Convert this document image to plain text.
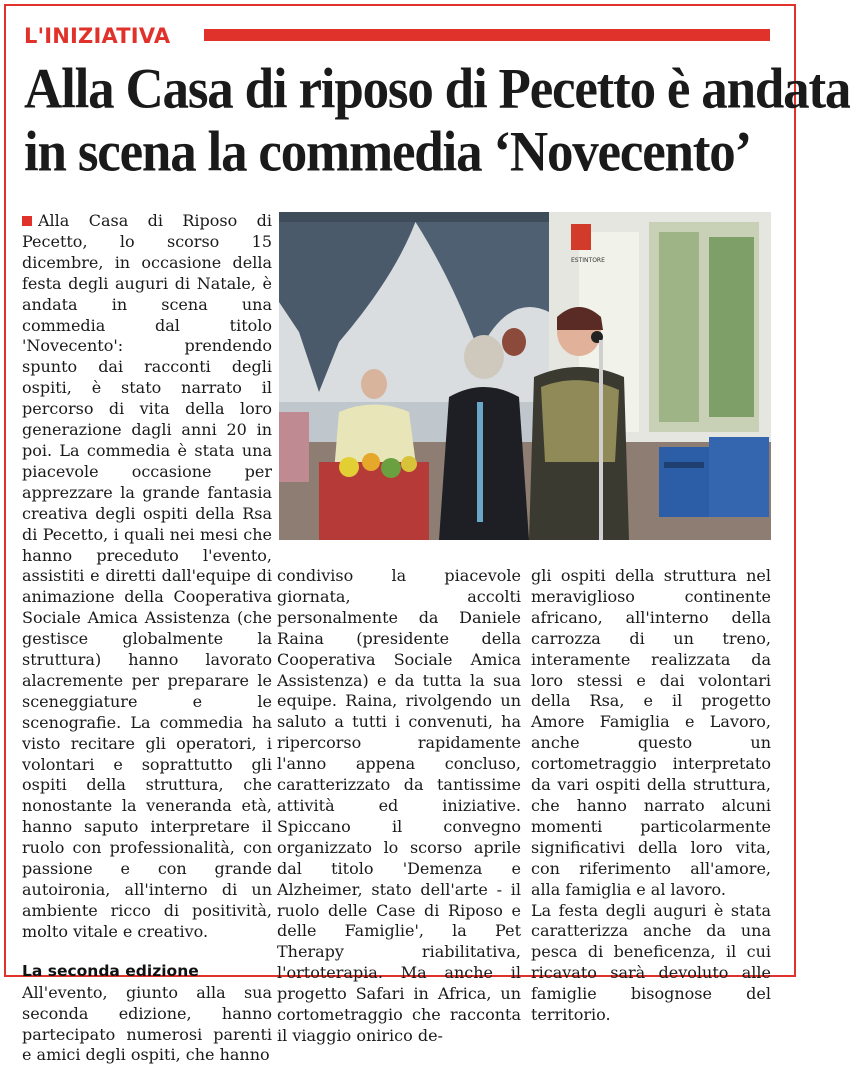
L'INIZIATIVA
Alla Casa di riposo di Pecetto è andata
in scena la commedia ‘Novecento’

Alla Casa di Riposo di Pecetto, lo scorso 15 dicembre, in occasione della festa degli auguri di Natale, è andata in scena una commedia dal titolo 'Novecento': prendendo spunto dai racconti degli ospiti, è stato narrato il percorso di vita della loro generazione dagli anni 20 in poi. La commedia è stata una piacevole occasione per apprezzare la grande fantasia creativa degli ospiti della Rsa di Pecetto, i quali nei mesi che hanno preceduto l'evento, assistiti e diretti dall'equipe di animazione della Cooperativa Sociale Amica Assistenza (che gestisce globalmente la struttura) hanno lavorato alacremente per preparare le sceneggiature e le scenografie. La commedia ha visto recitare gli operatori, i volontari e soprattutto gli ospiti della struttura, che nonostante la veneranda età, hanno saputo interpretare il ruolo con professionalità, con passione e con grande autoironia, all'interno di un ambiente ricco di positività, molto vitale e creativo.

La seconda edizione

All'evento, giunto alla sua seconda edizione, hanno partecipato numerosi parenti e amici degli ospiti, che hanno

ESTINTORE

condiviso la piacevole giornata, accolti personalmente da Daniele Raina (presidente della Cooperativa Sociale Amica Assistenza) e da tutta la sua equipe. Raina, rivolgendo un saluto a tutti i convenuti, ha ripercorso rapidamente l'anno appena concluso, caratterizzato da tantissime attività ed iniziative. Spiccano il convegno organizzato lo scorso aprile dal titolo 'Demenza e Alzheimer, stato dell'arte - il ruolo delle Case di Riposo e delle Famiglie', la Pet Therapy riabilitativa, l'ortoterapia. Ma anche il progetto Safari in Africa, un cortometraggio che racconta il viaggio onirico de-

gli ospiti della struttura nel meraviglioso continente africano, all'interno della carrozza di un treno, interamente realizzata da loro stessi e dai volontari della Rsa, e il progetto Amore Famiglia e Lavoro, anche questo un cortometraggio interpretato da vari ospiti della struttura, che hanno narrato alcuni momenti particolarmente significativi della loro vita, con riferimento all'amore, alla famiglia e al lavoro.

La festa degli auguri è stata caratterizza anche da una pesca di beneficenza, il cui ricavato sarà devoluto alle famiglie bisognose del territorio.
